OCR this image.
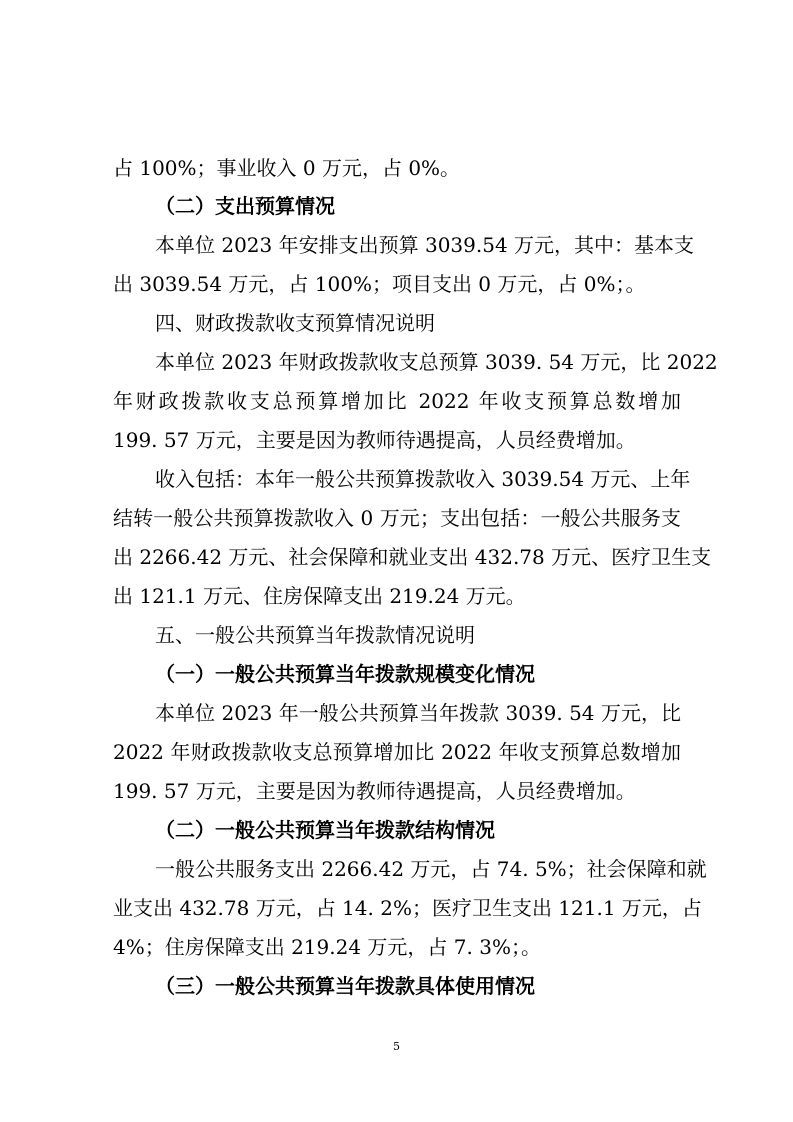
占 100%；事业收入 0 万元，占 0%。
（二）支出预算情况
本单位 2023 年安排支出预算 3039.54 万元，其中：基本支
出 3039.54 万元，占 100%；项目支出 0 万元，占 0%；。
四、财政拨款收支预算情况说明
本单位 2023 年财政拨款收支总预算 3039. 54 万元，比 2022
年财政拨款收支总预算增加比 2022 年收支预算总数增加
199. 57 万元，主要是因为教师待遇提高，人员经费增加。
收入包括：本年一般公共预算拨款收入 3039.54 万元、上年
结转一般公共预算拨款收入 0 万元；支出包括：一般公共服务支
出 2266.42 万元、社会保障和就业支出 432.78 万元、医疗卫生支
出 121.1 万元、住房保障支出 219.24 万元。
五、一般公共预算当年拨款情况说明
（一）一般公共预算当年拨款规模变化情况
本单位 2023 年一般公共预算当年拨款 3039. 54 万元，比
2022 年财政拨款收支总预算增加比 2022 年收支预算总数增加
199. 57 万元，主要是因为教师待遇提高，人员经费增加。
（二）一般公共预算当年拨款结构情况
一般公共服务支出 2266.42 万元，占 74. 5%；社会保障和就
业支出 432.78 万元，占 14. 2%；医疗卫生支出 121.1 万元，占
4%；住房保障支出 219.24 万元，占 7. 3%；。
（三）一般公共预算当年拨款具体使用情况
5
